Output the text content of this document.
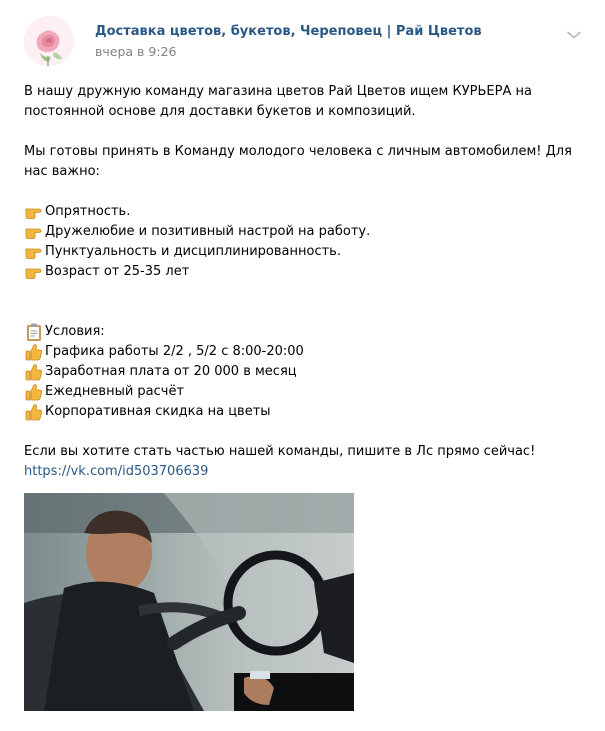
Доставка цветов, букетов, Череповец | Рай Цветов
вчера в 9:26

В нашу дружную команду магазина цветов Рай Цветов ищем КУРЬЕРА на

постоянной основе для доставки букетов и композиций.

Мы готовы принять в Команду молодого человека с личным автомобилем! Для

нас важно:

Опрятность.
Дружелюбие и позитивный настрой на работу.
Пунктуальность и дисциплинированность.
Возраст от 25-35 лет
Условия:
Графика работы 2/2 , 5/2 с 8:00-20:00
Заработная плата от 20 000 в месяц
Ежедневный расчёт
Корпоративная скидка на цветы

Если вы хотите стать частью нашей команды, пишите в Лс прямо сейчас!

https://vk.com/id503706639
